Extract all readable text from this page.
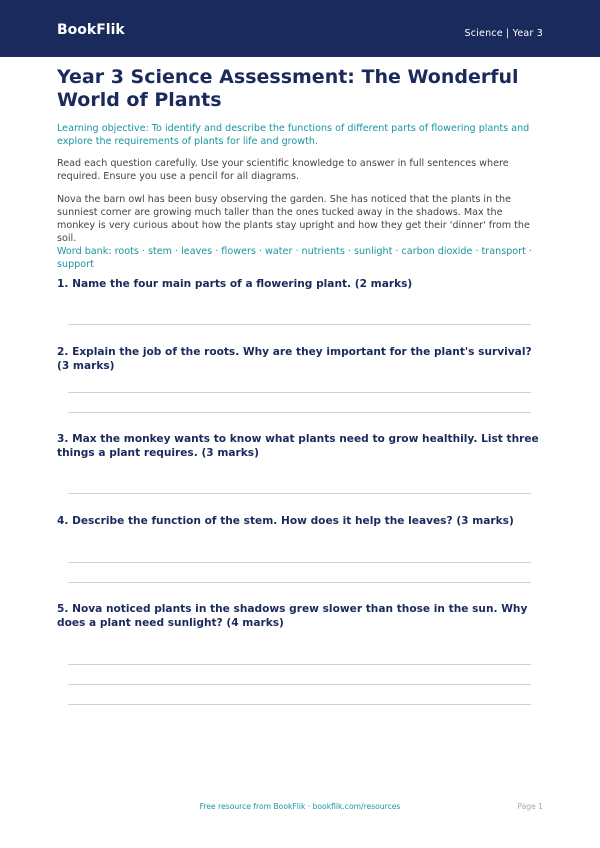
BookFlik	Science | Year 3
Year 3 Science Assessment: The Wonderful World of Plants

Learning objective: To identify and describe the functions of different parts of flowering plants and explore the requirements of plants for life and growth.

Read each question carefully. Use your scientific knowledge to answer in full sentences where required. Ensure you use a pencil for all diagrams.

Nova the barn owl has been busy observing the garden. She has noticed that the plants in the sunniest corner are growing much taller than the ones tucked away in the shadows. Max the monkey is very curious about how the plants stay upright and how they get their 'dinner' from the soil.

Word bank: roots · stem · leaves · flowers · water · nutrients · sunlight · carbon dioxide · transport · support

1. Name the four main parts of a flowering plant. (2 marks)

2. Explain the job of the roots. Why are they important for the plant's survival? (3 marks)

3. Max the monkey wants to know what plants need to grow healthily. List three things a plant requires. (3 marks)

4. Describe the function of the stem. How does it help the leaves? (3 marks)

5. Nova noticed plants in the shadows grew slower than those in the sun. Why does a plant need sunlight? (4 marks)

Free resource from BookFlik · bookflik.com/resources	Page 1
